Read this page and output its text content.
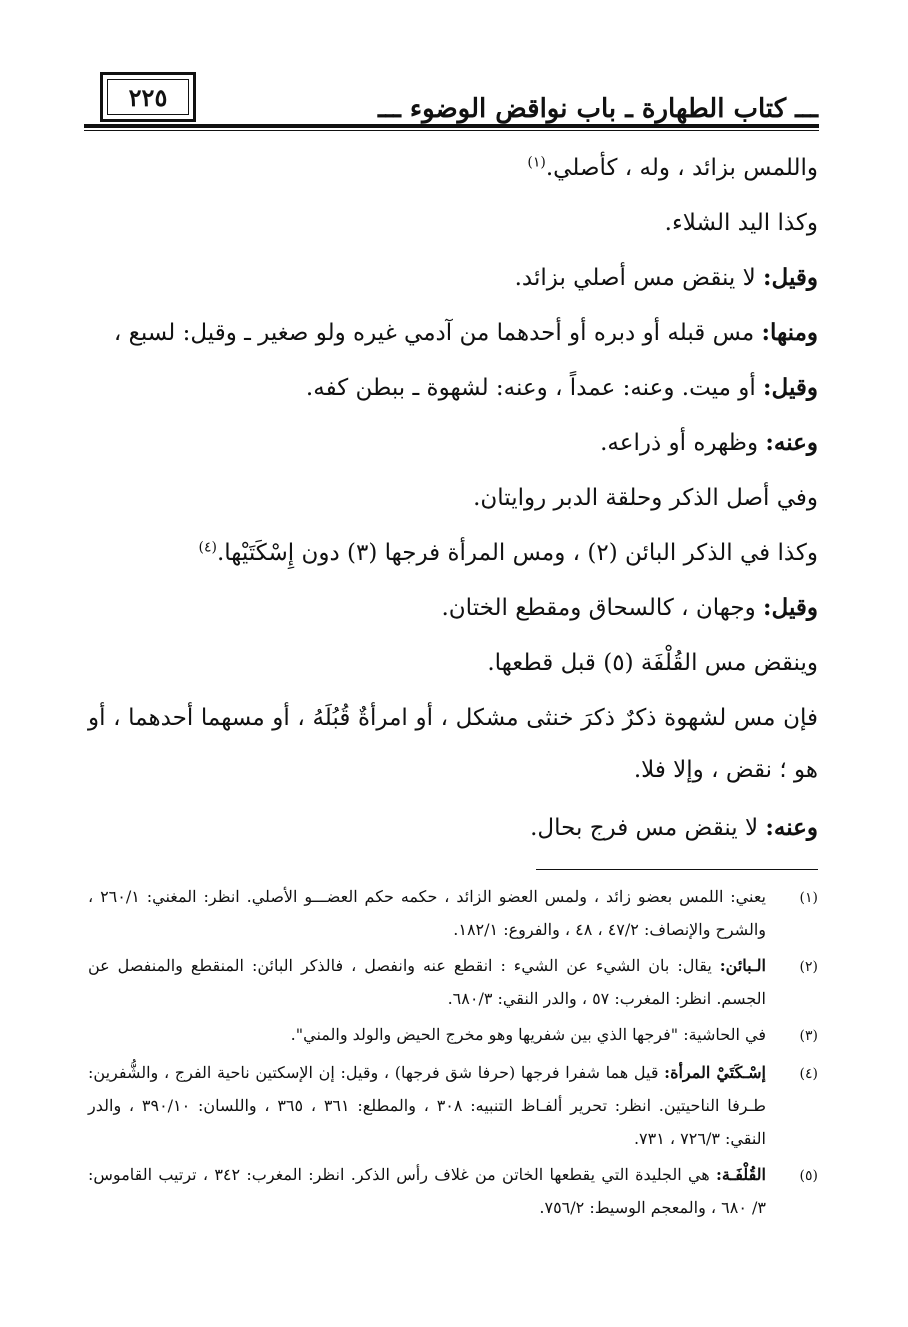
٢٢٥	ـــ كتاب الطهارة ـ باب نواقض الوضوء ـــ
واللمس بزائد ، وله ، كأصلي.$^{(١)}$
وكذا اليد الشلاء.
وقيل: لا ينقض مس أصلي بزائد.
ومنها: مس قبله أو دبره أو أحدهما من آدمي غيره ولو صغير ـ وقيل: لسبع ،
وقيل: أو ميت. وعنه: عمداً ، وعنه: لشهوة ـ ببطن كفه.
وعنه: وظهره أو ذراعه.
وفي أصل الذكر وحلقة الدبر روايتان.
وكذا في الذكر البائن (٢) ، ومس المرأة فرجها (٣) دون إِسْكَتَيْها.$^{(٤)}$
وقيل: وجهان ، كالسحاق ومقطع الختان.
وينقض مس القُلْفَة (٥) قبل قطعها.
فإن مس لشهوة ذكرٌ ذكرَ خنثى مشكل ، أو امرأةٌ قُبُلَهُ ، أو مسهما أحدهما ، أو هو ؛ نقض ، وإلا فلا.
وعنه: لا ينقض مس فرج بحال.
(١)
يعني: اللمس بعضو زائد ، ولمس العضو الزائد ، حكمه حكم العضـــو الأصلي. انظر: المغني: ٢٦٠/١ ، والشرح والإنصاف: ٤٧/٢ ، ٤٨ ، والفروع: ١٨٢/١.
(٢)
الـبائن: يقال: بان الشيء عن الشيء : انقطع عنه وانفصل ، فالذكر البائن: المنقطع والمنفصل عن الجسم. انظر: المغرب: ٥٧ ، والدر النقي: ٦٨٠/٣.
(٣)
في الحاشية: "فرجها الذي بين شفريها وهو مخرج الحيض والولد والمني".
(٤)
إسْـكَتَيْ المرأة: قيل هما شفرا فرجها (حرفا شق فرجها) ، وقيل: إن الإسكتين ناحية الفرج ، والشُّفرين: طـرفا الناحيتين. انظر: تحرير ألفـاظ التنبيه: ٣٠٨ ، والمطلع: ٣٦١ ، ٣٦٥ ، واللسان: ٣٩٠/١٠ ، والدر النقي: ٧٢٦/٣ ، ٧٣١.
(٥)
القُلْفَـة: هي الجليدة التي يقطعها الخاتن من غلاف رأس الذكر. انظر: المغرب: ٣٤٢ ، ترتيب القاموس: ٣/ ٦٨٠ ، والمعجم الوسيط: ٧٥٦/٢.
